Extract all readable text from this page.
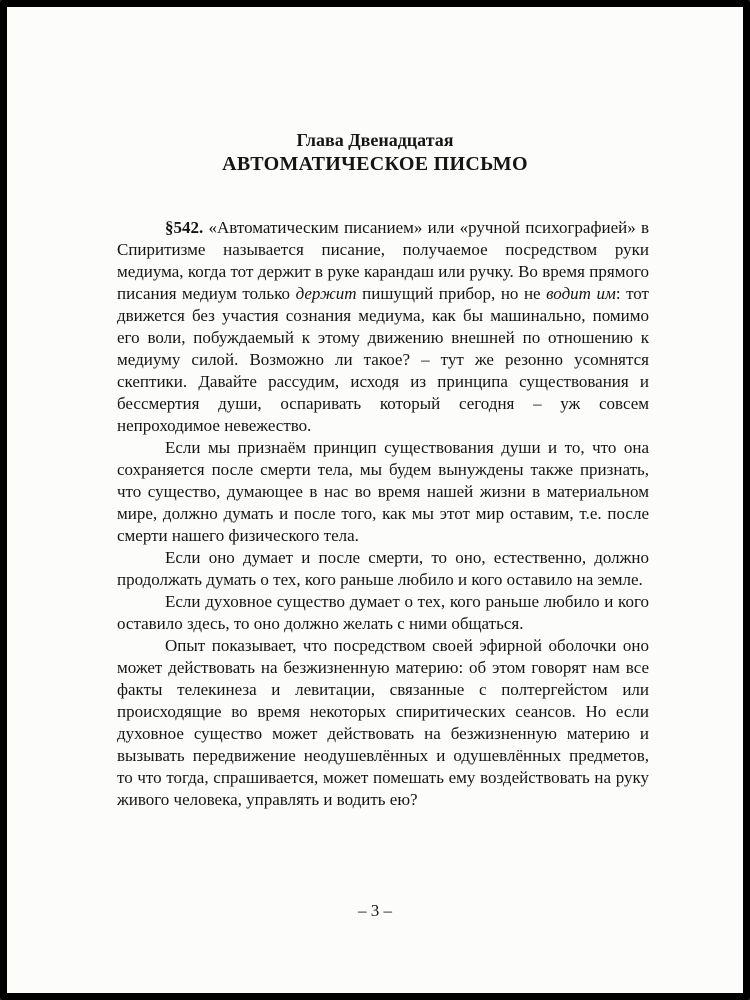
Глава Двенадцатая
АВТОМАТИЧЕСКОЕ ПИСЬМО

§542. «Автоматическим писанием» или «ручной психографией» в Спиритизме называется писание, получаемое посредством руки медиума, когда тот держит в руке карандаш или ручку. Во время прямого писания медиум только держит пишущий прибор, но не водит им: тот движется без участия сознания медиума, как бы машинально, помимо его воли, побуждаемый к этому движению внешней по отношению к медиуму силой. Возможно ли такое? – тут же резонно усомнятся скептики. Давайте рассудим, исходя из принципа существования и бессмертия души, оспаривать который сегодня – уж совсем непроходимое невежество.

Если мы признаём принцип существования души и то, что она сохраняется после смерти тела, мы будем вынуждены также признать, что существо, думающее в нас во время нашей жизни в материальном мире, должно думать и после того, как мы этот мир оставим, т.е. после смерти нашего физического тела.

Если оно думает и после смерти, то оно, естественно, должно продолжать думать о тех, кого раньше любило и кого оставило на земле.

Если духовное существо думает о тех, кого раньше любило и кого оставило здесь, то оно должно желать с ними общаться.

Опыт показывает, что посредством своей эфирной оболочки оно может действовать на безжизненную материю: об этом говорят нам все факты телекинеза и левитации, связанные с полтергейстом или происходящие во время некоторых спиритических сеансов. Но если духовное существо может действовать на безжизненную материю и вызывать передвижение неодушевлённых и одушевлённых предметов, то что тогда, спрашивается, может помешать ему воздействовать на руку живого человека, управлять и водить ею?

– 3 –
